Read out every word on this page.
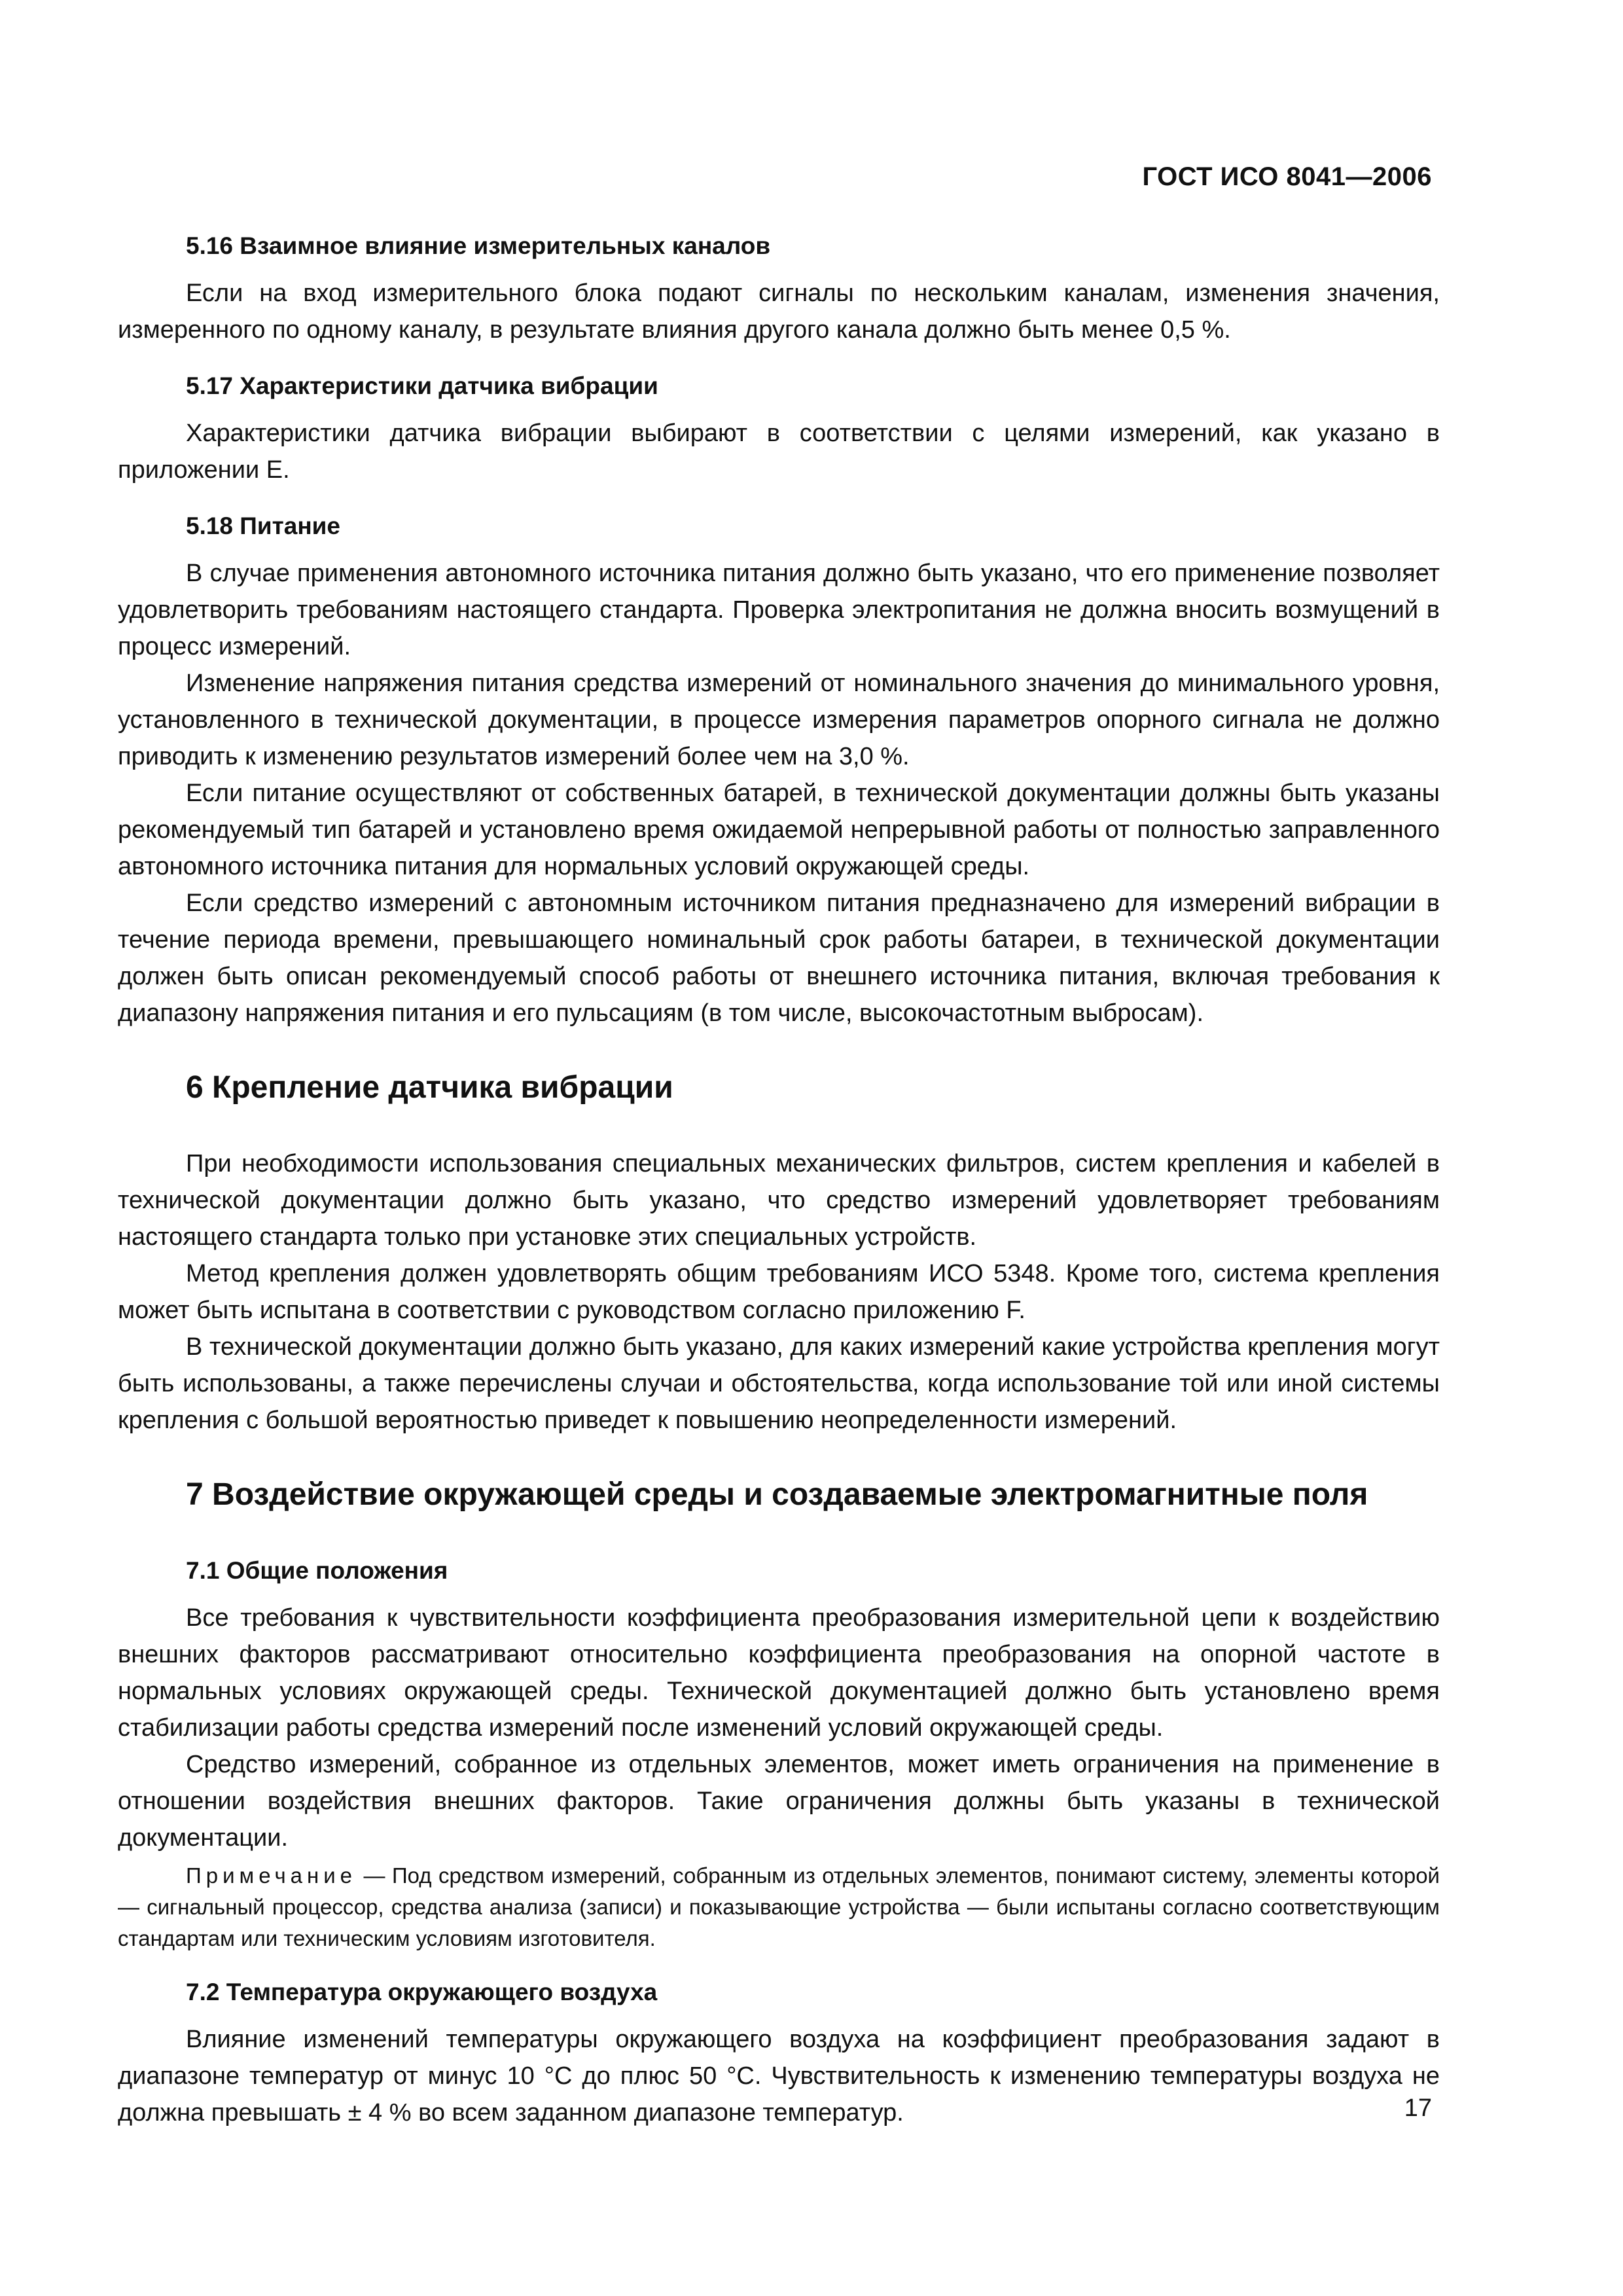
ГОСТ ИСО 8041—2006
5.16 Взаимное влияние измерительных каналов

Если на вход измерительного блока подают сигналы по нескольким каналам, изменения значения, измеренного по одному каналу, в результате влияния другого канала должно быть менее 0,5 %.

5.17 Характеристики датчика вибрации

Характеристики датчика вибрации выбирают в соответствии с целями измерений, как указано в приложении E.

5.18 Питание

В случае применения автономного источника питания должно быть указано, что его применение позволяет удовлетворить требованиям настоящего стандарта. Проверка электропитания не должна вносить возмущений в процесс измерений.

Изменение напряжения питания средства измерений от номинального значения до минимального уровня, установленного в технической документации, в процессе измерения параметров опорного сигнала не должно приводить к изменению результатов измерений более чем на 3,0 %.

Если питание осуществляют от собственных батарей, в технической документации должны быть указаны рекомендуемый тип батарей и установлено время ожидаемой непрерывной работы от полностью заправленного автономного источника питания для нормальных условий окружающей среды.

Если средство измерений с автономным источником питания предназначено для измерений вибрации в течение периода времени, превышающего номинальный срок работы батареи, в технической документации должен быть описан рекомендуемый способ работы от внешнего источника питания, включая требования к диапазону напряжения питания и его пульсациям (в том числе, высокочастотным выбросам).

6 Крепление датчика вибрации

При необходимости использования специальных механических фильтров, систем крепления и кабелей в технической документации должно быть указано, что средство измерений удовлетворяет требованиям настоящего стандарта только при установке этих специальных устройств.

Метод крепления должен удовлетворять общим требованиям ИСО 5348. Кроме того, система крепления может быть испытана в соответствии с руководством согласно приложению F.

В технической документации должно быть указано, для каких измерений какие устройства крепления могут быть использованы, а также перечислены случаи и обстоятельства, когда использование той или иной системы крепления с большой вероятностью приведет к повышению неопределенности измерений.

7 Воздействие окружающей среды и создаваемые электромагнитные поля
7.1 Общие положения

Все требования к чувствительности коэффициента преобразования измерительной цепи к воздействию внешних факторов рассматривают относительно коэффициента преобразования на опорной частоте в нормальных условиях окружающей среды. Технической документацией должно быть установлено время стабилизации работы средства измерений после изменений условий окружающей среды.

Средство измерений, собранное из отдельных элементов, может иметь ограничения на применение в отношении воздействия внешних факторов. Такие ограничения должны быть указаны в технической документации.

Примечание — Под средством измерений, собранным из отдельных элементов, понимают систему, элементы которой — сигнальный процессор, средства анализа (записи) и показывающие устройства — были испытаны согласно соответствующим стандартам или техническим условиям изготовителя.

7.2 Температура окружающего воздуха

Влияние изменений температуры окружающего воздуха на коэффициент преобразования задают в диапазоне температур от минус 10 °С до плюс 50 °С. Чувствительность к изменению температуры воздуха не должна превышать ± 4 % во всем заданном диапазоне температур.	17
